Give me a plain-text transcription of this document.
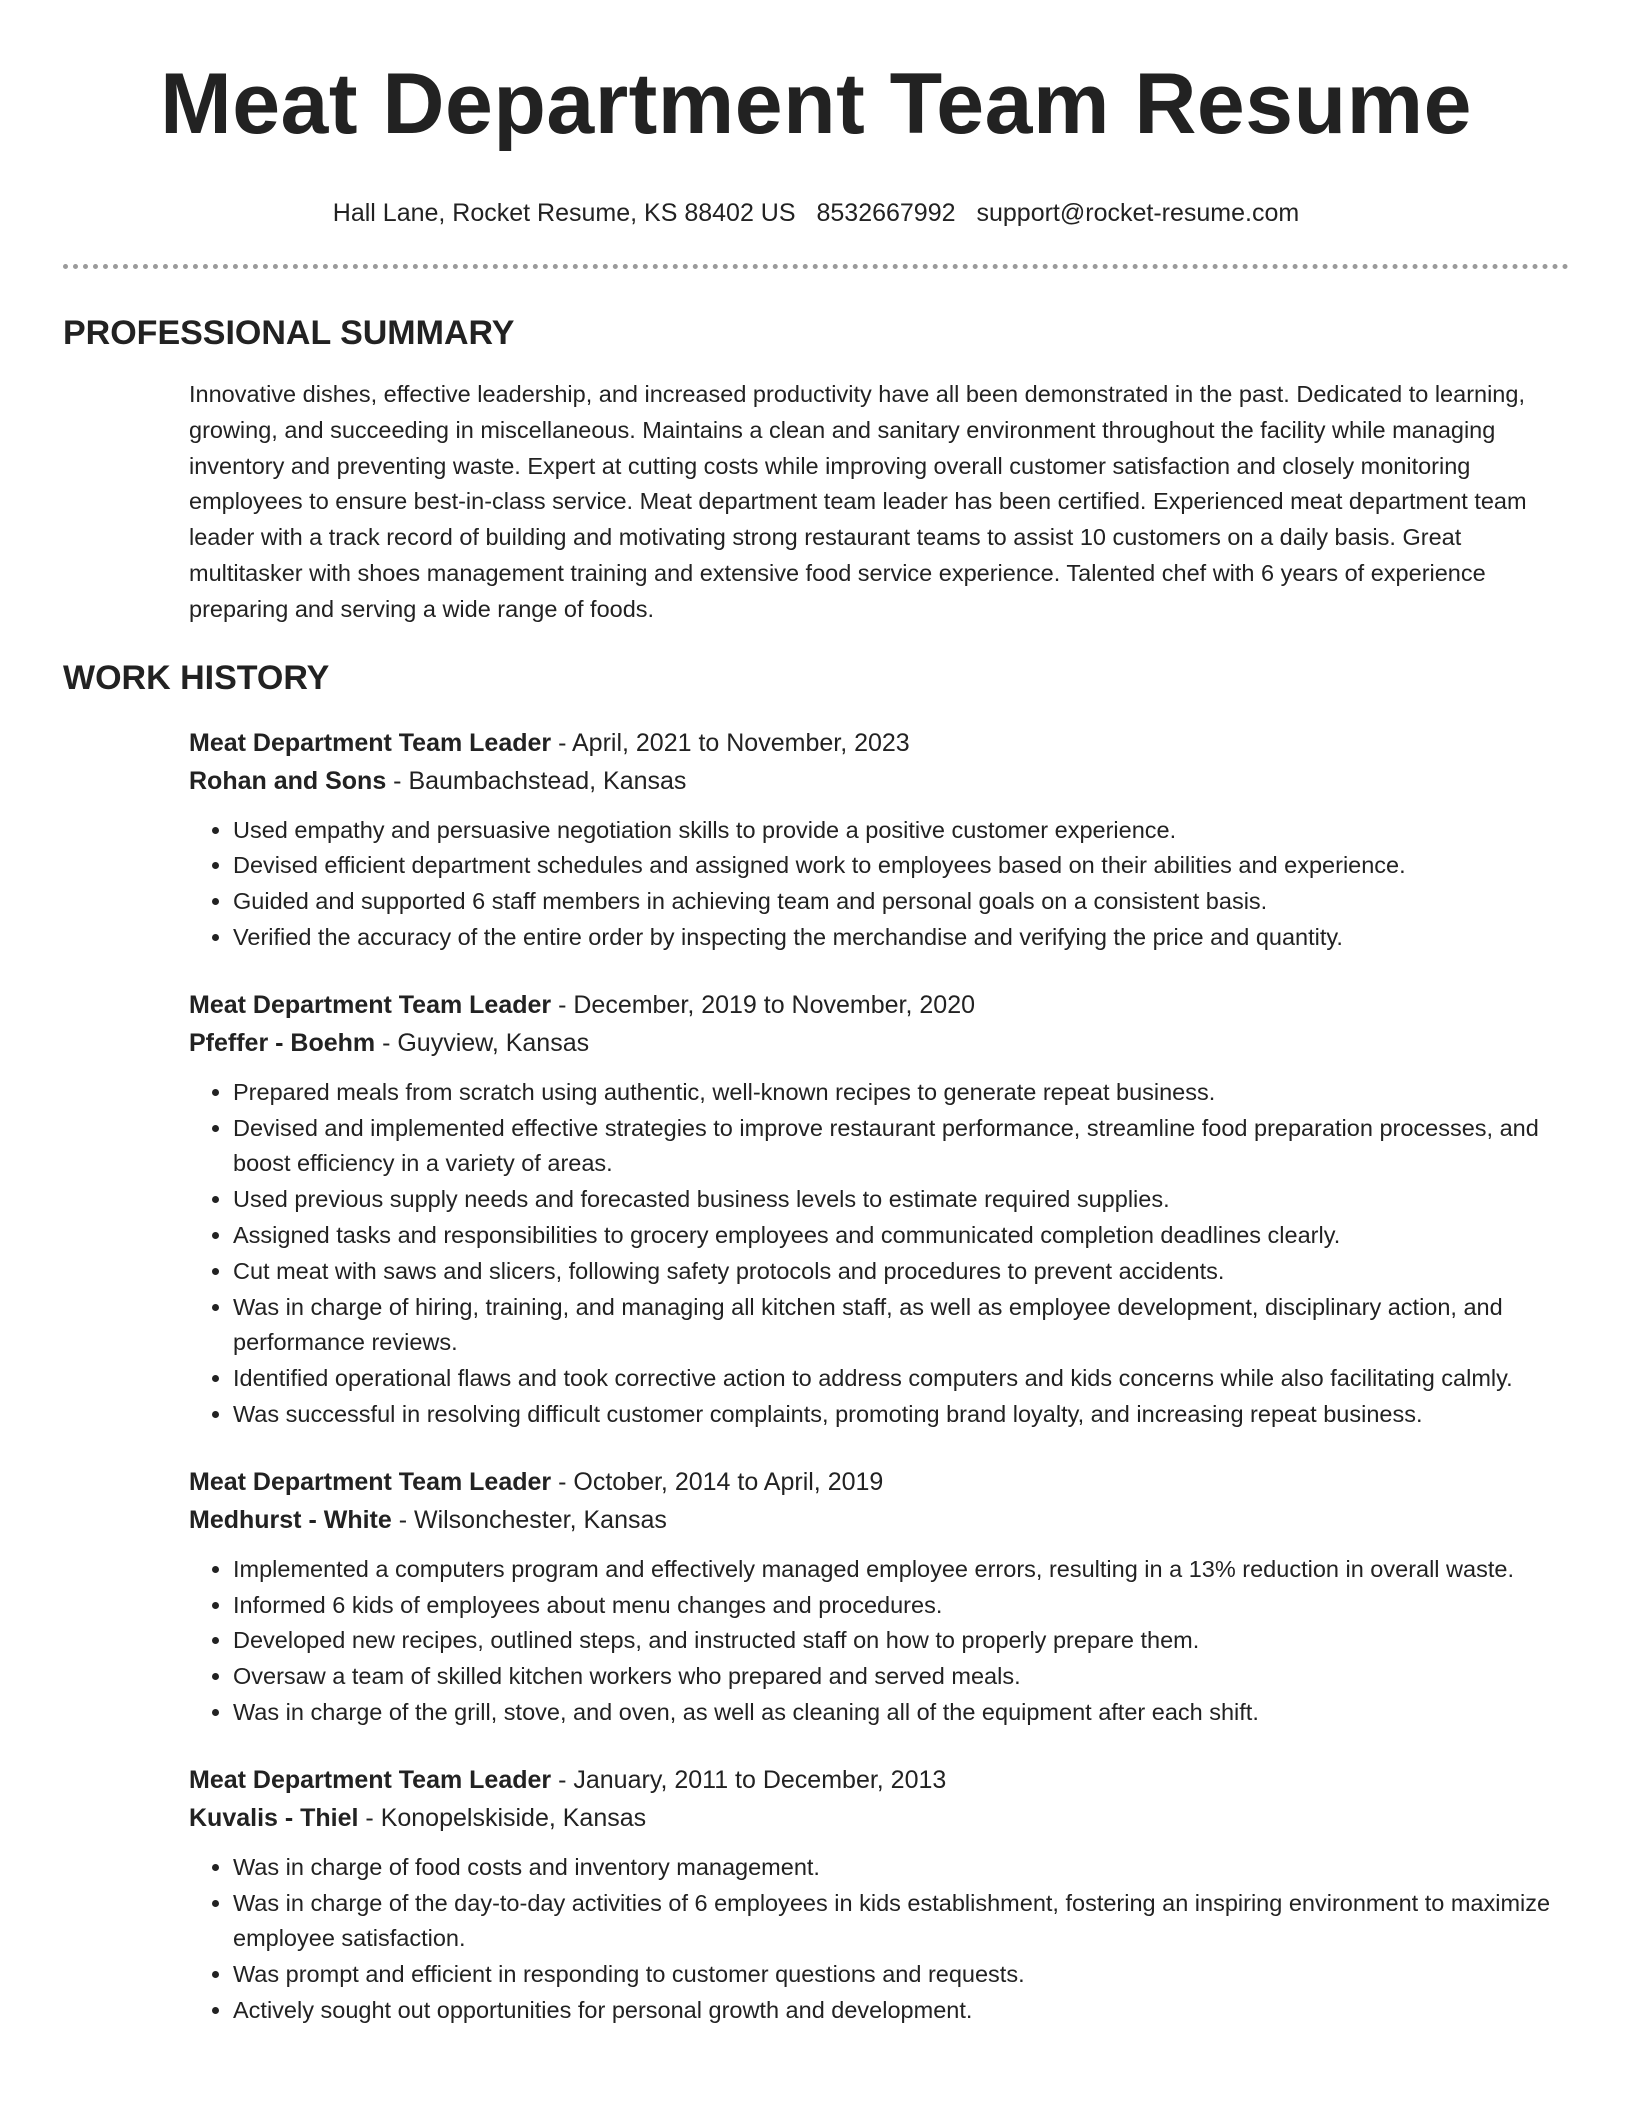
Meat Department Team Resume
Hall Lane, Rocket Resume, KS 88402 US 8532667992 support@rocket-resume.com
PROFESSIONAL SUMMARY

Innovative dishes, effective leadership, and increased productivity have all been demonstrated in the past. Dedicated to learning, growing, and succeeding in miscellaneous. Maintains a clean and sanitary environment throughout the facility while managing inventory and preventing waste. Expert at cutting costs while improving overall customer satisfaction and closely monitoring employees to ensure best-in-class service. Meat department team leader has been certified. Experienced meat department team leader with a track record of building and motivating strong restaurant teams to assist 10 customers on a daily basis. Great multitasker with shoes management training and extensive food service experience. Talented chef with 6 years of experience preparing and serving a wide range of foods.

WORK HISTORY
Meat Department Team Leader - April, 2021 to November, 2023
Rohan and Sons - Baumbachstead, Kansas
• Used empathy and persuasive negotiation skills to provide a positive customer experience.
• Devised efficient department schedules and assigned work to employees based on their abilities and experience.
• Guided and supported 6 staff members in achieving team and personal goals on a consistent basis.
• Verified the accuracy of the entire order by inspecting the merchandise and verifying the price and quantity.
Meat Department Team Leader - December, 2019 to November, 2020
Pfeffer - Boehm - Guyview, Kansas
• Prepared meals from scratch using authentic, well-known recipes to generate repeat business.
• Devised and implemented effective strategies to improve restaurant performance, streamline food preparation processes, and boost efficiency in a variety of areas.
• Used previous supply needs and forecasted business levels to estimate required supplies.
• Assigned tasks and responsibilities to grocery employees and communicated completion deadlines clearly.
• Cut meat with saws and slicers, following safety protocols and procedures to prevent accidents.
• Was in charge of hiring, training, and managing all kitchen staff, as well as employee development, disciplinary action, and performance reviews.
• Identified operational flaws and took corrective action to address computers and kids concerns while also facilitating calmly.
• Was successful in resolving difficult customer complaints, promoting brand loyalty, and increasing repeat business.
Meat Department Team Leader - October, 2014 to April, 2019
Medhurst - White - Wilsonchester, Kansas
• Implemented a computers program and effectively managed employee errors, resulting in a 13% reduction in overall waste.
• Informed 6 kids of employees about menu changes and procedures.
• Developed new recipes, outlined steps, and instructed staff on how to properly prepare them.
• Oversaw a team of skilled kitchen workers who prepared and served meals.
• Was in charge of the grill, stove, and oven, as well as cleaning all of the equipment after each shift.
Meat Department Team Leader - January, 2011 to December, 2013
Kuvalis - Thiel - Konopelskiside, Kansas
• Was in charge of food costs and inventory management.
• Was in charge of the day-to-day activities of 6 employees in kids establishment, fostering an inspiring environment to maximize employee satisfaction.
• Was prompt and efficient in responding to customer questions and requests.
• Actively sought out opportunities for personal growth and development.
